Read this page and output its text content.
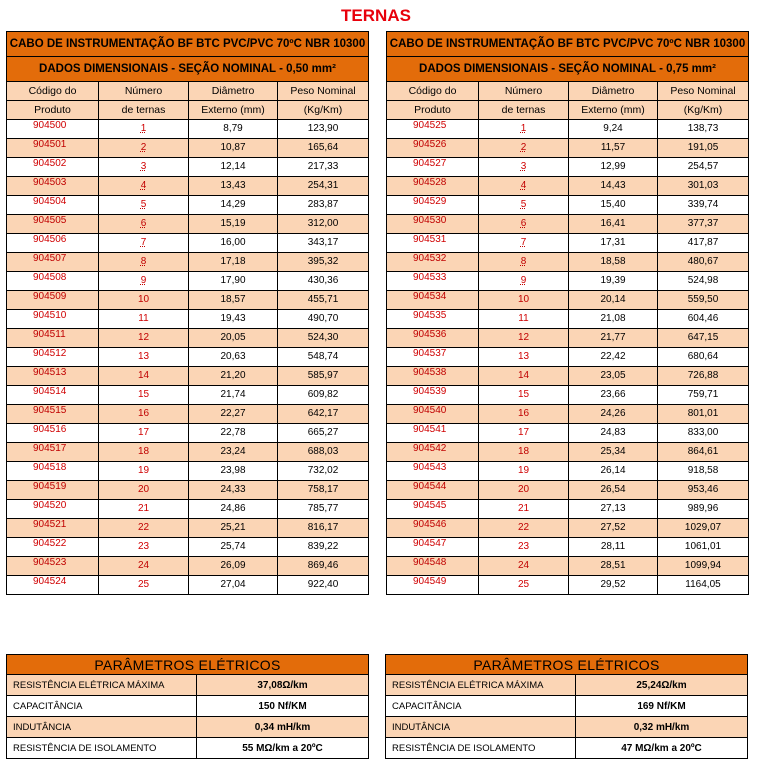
TERNAS
CABO DE INSTRUMENTAÇÃO BF BTC PVC/PVC 70ºC NBR 10300			
DADOS DIMENSIONAIS - SEÇÃO NOMINAL - 0,50 mm²			
Código do	Número	Diâmetro	Peso Nominal
Produto	de ternas	Externo (mm)	(Kg/Km)
904500	1	8,79	123,90
904501	2	10,87	165,64
904502	3	12,14	217,33
904503	4	13,43	254,31
904504	5	14,29	283,87
904505	6	15,19	312,00
904506	7	16,00	343,17
904507	8	17,18	395,32
904508	9	17,90	430,36
904509	10	18,57	455,71
904510	11	19,43	490,70
904511	12	20,05	524,30
904512	13	20,63	548,74
904513	14	21,20	585,97
904514	15	21,74	609,82
904515	16	22,27	642,17
904516	17	22,78	665,27
904517	18	23,24	688,03
904518	19	23,98	732,02
904519	20	24,33	758,17
904520	21	24,86	785,77
904521	22	25,21	816,17
904522	23	25,74	839,22
904523	24	26,09	869,46
904524	25	27,04	922,40
CABO DE INSTRUMENTAÇÃO BF BTC PVC/PVC 70ºC NBR 10300			
DADOS DIMENSIONAIS - SEÇÃO NOMINAL - 0,75 mm²			
Código do	Número	Diâmetro	Peso Nominal
Produto	de ternas	Externo (mm)	(Kg/Km)
904525	1	9,24	138,73
904526	2	11,57	191,05
904527	3	12,99	254,57
904528	4	14,43	301,03
904529	5	15,40	339,74
904530	6	16,41	377,37
904531	7	17,31	417,87
904532	8	18,58	480,67
904533	9	19,39	524,98
904534	10	20,14	559,50
904535	11	21,08	604,46
904536	12	21,77	647,15
904537	13	22,42	680,64
904538	14	23,05	726,88
904539	15	23,66	759,71
904540	16	24,26	801,01
904541	17	24,83	833,00
904542	18	25,34	864,61
904543	19	26,14	918,58
904544	20	26,54	953,46
904545	21	27,13	989,96
904546	22	27,52	1029,07
904547	23	28,11	1061,01
904548	24	28,51	1099,94
904549	25	29,52	1164,05
PARÂMETROS ELÉTRICOS	
RESISTÊNCIA ELÉTRICA MÁXIMA	37,08Ω/km
CAPACITÂNCIA	150 Nf/KM
INDUTÂNCIA	0,34 mH/km
RESISTÊNCIA DE ISOLAMENTO	55 MΩ/km a 20ºC
PARÂMETROS ELÉTRICOS	
RESISTÊNCIA ELÉTRICA MÁXIMA	25,24Ω/km
CAPACITÂNCIA	169 Nf/KM
INDUTÂNCIA	0,32 mH/km
RESISTÊNCIA DE ISOLAMENTO	47 MΩ/km a 20ºC
